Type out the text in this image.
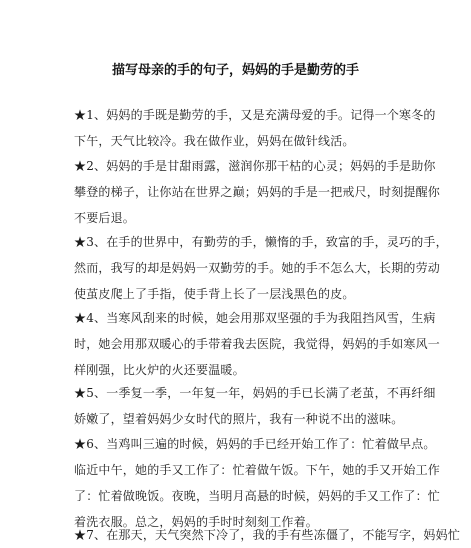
描写母亲的手的句子，妈妈的手是勤劳的手

★1、妈妈的手既是勤劳的手，又是充满母爱的手。记得一个寒冬的
下午，天气比较冷。我在做作业，妈妈在做针线活。

★2、妈妈的手是甘甜雨露，滋润你那干枯的心灵；妈妈的手是助你
攀登的梯子，让你站在世界之巅；妈妈的手是一把戒尺，时刻提醒你
不要后退。

★3、在手的世界中，有勤劳的手，懒惰的手，致富的手，灵巧的手，
然而，我写的却是妈妈一双勤劳的手。她的手不怎么大，长期的劳动
使茧皮爬上了手指，使手背上长了一层浅黑色的皮。

★4、当寒风刮来的时候，她会用那双坚强的手为我阻挡风雪，生病
时，她会用那双暖心的手带着我去医院，我觉得，妈妈的手如寒风一
样刚强，比火炉的火还要温暖。

★5、一季复一季，一年复一年，妈妈的手已长满了老茧，不再纤细
娇嫩了，望着妈妈少女时代的照片，我有一种说不出的滋味。

★6、当鸡叫三遍的时候，妈妈的手已经开始工作了：忙着做早点。
临近中午，她的手又工作了：忙着做午饭。下午，她的手又开始工作
了：忙着做晚饭。夜晚，当明月高悬的时候，妈妈的手又工作了：忙
着洗衣服。总之，妈妈的手时时刻刻工作着。

★7、在那天，天气突然下冷了，我的手有些冻僵了，不能写字，妈妈忙
